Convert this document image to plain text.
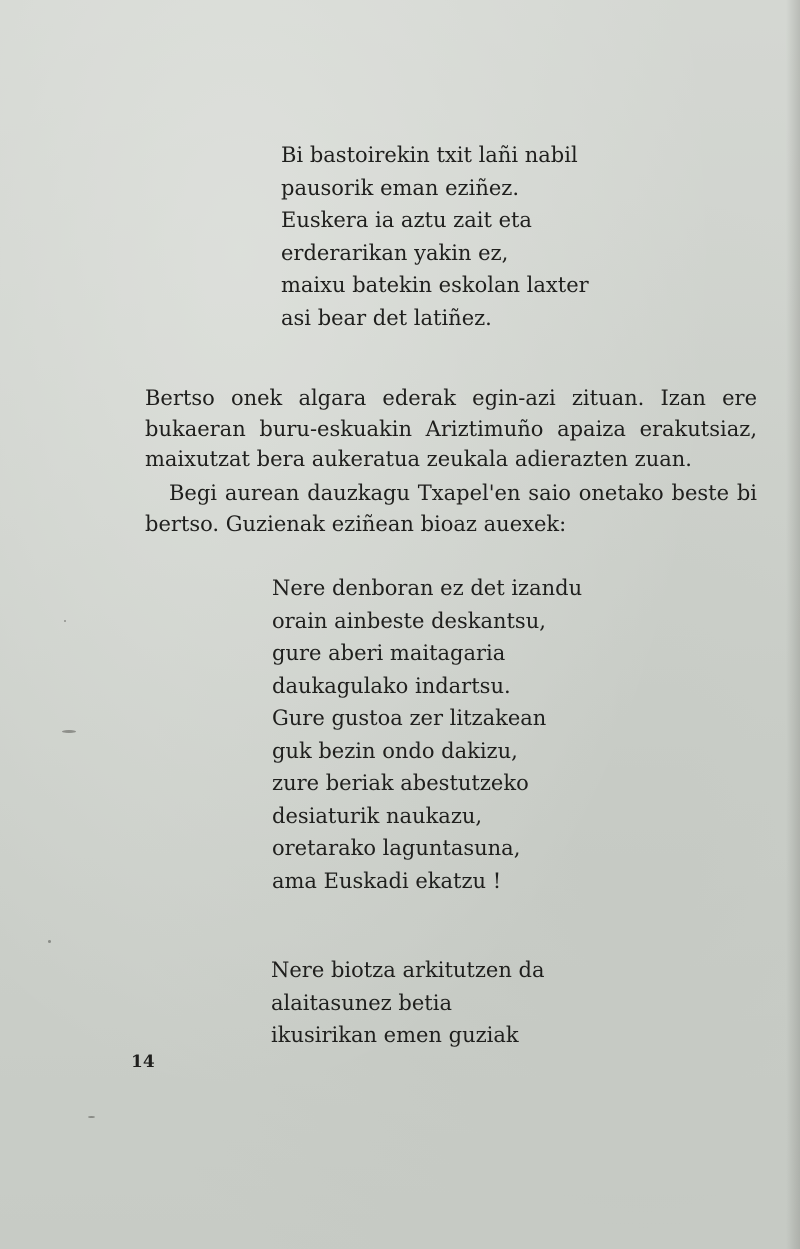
Bi bastoirekin txit lañi nabil
pausorik eman eziñez.
Euskera ia aztu zait eta
erderarikan yakin ez,
maixu batekin eskolan laxter
asi bear det latiñez.

Bertso onek algara ederak egin-azi zituan. Izan ere bukaeran buru-eskuakin Ariztimuño apaiza erakutsiaz, maixutzat bera aukeratua zeukala adierazten zuan.

Begi aurean dauzkagu Txapel'en saio onetako beste bi bertso. Guzienak eziñean bioaz auexek:

Nere denboran ez det izandu
orain ainbeste deskantsu,
gure aberi maitagaria
daukagulako indartsu.
Gure gustoa zer litzakean
guk bezin ondo dakizu,
zure beriak abestutzeko
desiaturik naukazu,
oretarako laguntasuna,
ama Euskadi ekatzu !
Nere biotza arkitutzen da
alaitasunez betia
ikusirikan emen guziak
14
